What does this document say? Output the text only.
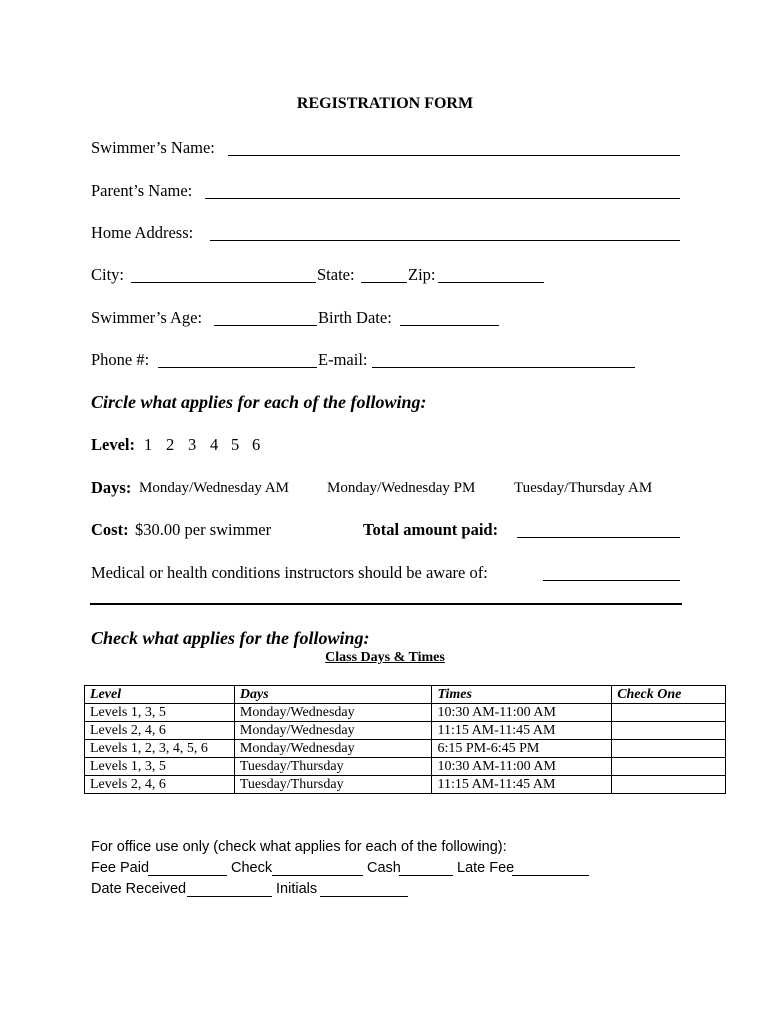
REGISTRATION FORM
Swimmer’s Name:
Parent’s Name:
Home Address:
City:	State:	Zip:
Swimmer’s Age:	Birth Date:
Phone #:	E-mail:
Circle what applies for each of the following:
Level: 1 2 3 4 5 6
Days: Monday/Wednesday AM	Monday/Wednesday PM	Tuesday/Thursday AM
Cost: $30.00 per swimmer	Total amount paid:
Medical or health conditions instructors should be aware of:
Check what applies for the following:
Class Days & Times
Level	Days	Times	Check One
Levels 1, 3, 5	Monday/Wednesday	10:30 AM-11:00 AM	
Levels 2, 4, 6	Monday/Wednesday	11:15 AM-11:45 AM	
Levels 1, 2, 3, 4, 5, 6	Monday/Wednesday	6:15 PM-6:45 PM	
Levels 1, 3, 5	Tuesday/Thursday	10:30 AM-11:00 AM	
Levels 2, 4, 6	Tuesday/Thursday	11:15 AM-11:45 AM	
For office use only (check what applies for each of the following):
Fee Paid	Check	Cash	Late Fee
Date Received	Initials
